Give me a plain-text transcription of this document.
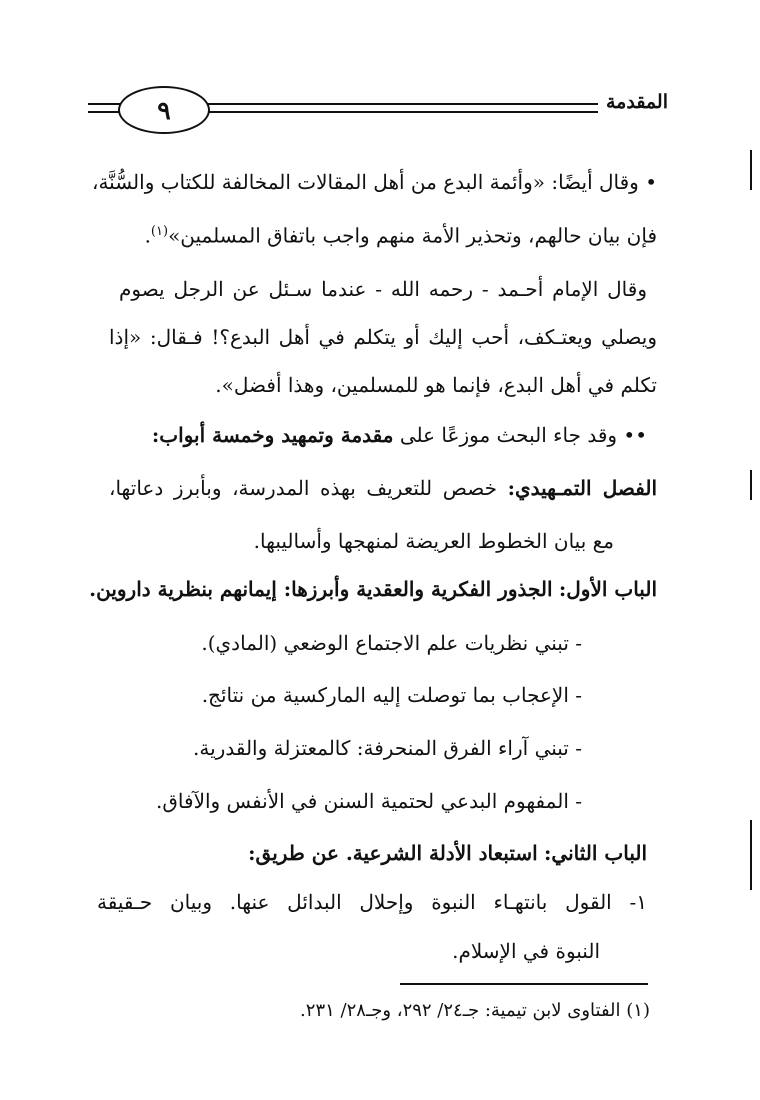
٩	المقدمة
• وقال أيضًا: «وأئمة البدع من أهل المقالات المخالفة للكتاب والسُّنَّة،
فإن بيان حالهم، وتحذير الأمة منهم واجب باتفاق المسلمين»$^{(١)}$.
وقال الإمام أحـمد - رحمه الله - عندما سـئل عن الرجل يصوم
ويصلي ويعتـكف، أحب إليك أو يتكلم في أهل البدع؟! فـقال: «إذا
تكلم في أهل البدع، فإنما هو للمسلمين، وهذا أفضل».
•• وقد جاء البحث موزعًا على مقدمة وتمهيد وخمسة أبواب:
الفصل التمـهيدي: خصص للتعريف بهذه المدرسة، وبأبرز دعاتها،
مع بيان الخطوط العريضة لمنهجها وأساليبها.
الباب الأول: الجذور الفكرية والعقدية وأبرزها: إيمانهم بنظرية داروين.
- تبني نظريات علم الاجتماع الوضعي (المادي).
- الإعجاب بما توصلت إليه الماركسية من نتائج.
- تبني آراء الفرق المنحرفة: كالمعتزلة والقدرية.
- المفهوم البدعي لحتمية السنن في الأنفس والآفاق.
الباب الثاني: استبعاد الأدلة الشرعية. عن طريق:
١- القول بانتهـاء النبوة وإحلال البدائل عنها. وبيان حـقيقة
النبوة في الإسلام.
(١) الفتاوى لابن تيمية: جـ٢٤/ ٢٩٢، وجـ٢٨/ ٢٣١.
